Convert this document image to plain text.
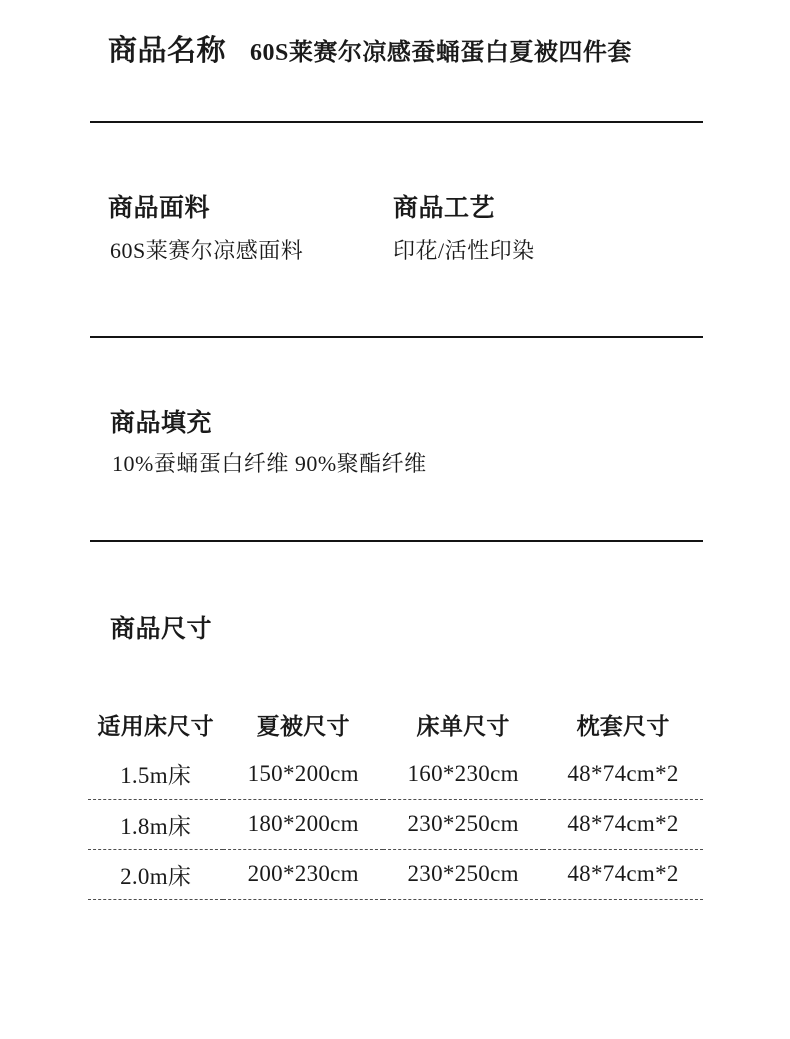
商品名称 60S莱赛尔凉感蚕蛹蛋白夏被四件套
商品面料
60S莱赛尔凉感面料
商品工艺
印花/活性印染
商品填充
10%蚕蛹蛋白纤维 90%聚酯纤维
商品尺寸
适用床尺寸	夏被尺寸	床单尺寸	枕套尺寸
1.5m床	150*200cm	160*230cm	48*74cm*2
1.8m床	180*200cm	230*250cm	48*74cm*2
2.0m床	200*230cm	230*250cm	48*74cm*2
